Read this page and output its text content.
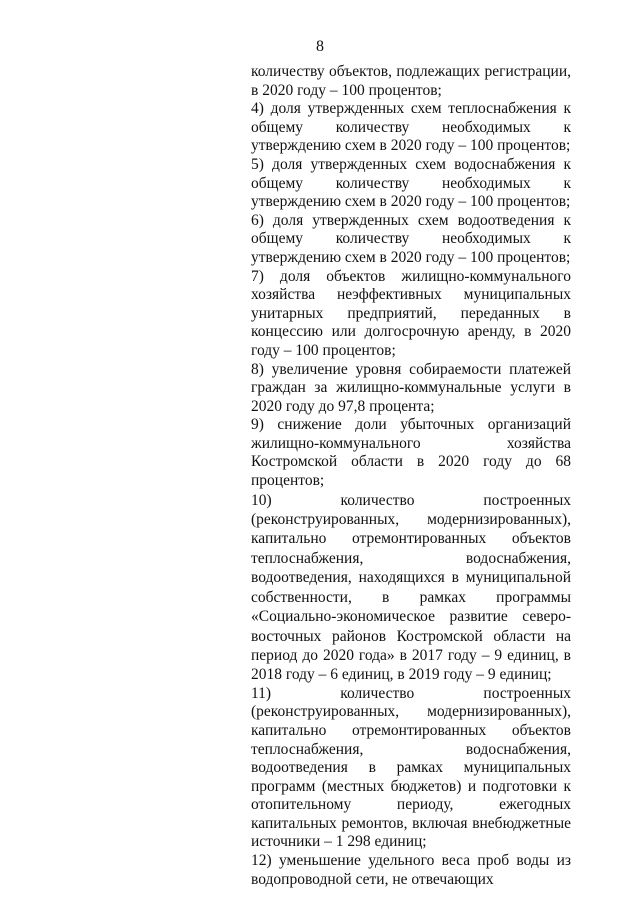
8

количеству объектов, подлежащих регистрации, в 2020 году – 100 процентов;

4) доля утвержденных схем теплоснабжения к общему количеству необходимых к утверждению схем в 2020 году – 100 процентов;

5) доля утвержденных схем водоснабжения к общему количеству необходимых к утверждению схем в 2020 году – 100 процентов;

6) доля утвержденных схем водоотведения к общему количеству необходимых к утверждению схем в 2020 году – 100 процентов;

7) доля объектов жилищно-коммунального хозяйства неэффективных муниципальных унитарных предприятий, переданных в концессию или долгосрочную аренду, в 2020 году – 100 процентов;

8) увеличение уровня собираемости платежей граждан за жилищно-коммунальные услуги в 2020 году до 97,8 процента;

9) снижение доли убыточных организаций жилищно-коммунального хозяйства Костромской области в 2020 году до 68 процентов;

10) количество построенных (реконструированных, модернизированных), капитально отремонтированных объектов теплоснабжения, водоснабжения, водоотведения, находящихся в муниципальной собственности, в рамках программы «Социально-экономическое развитие северо-восточных районов Костромской области на период до 2020 года» в 2017 году – 9 единиц, в 2018 году – 6 единиц, в 2019 году – 9 единиц;

11) количество построенных (реконструированных, модернизированных), капитально отремонтированных объектов теплоснабжения, водоснабжения, водоотведения в рамках муниципальных программ (местных бюджетов) и подготовки к отопительному периоду, ежегодных капитальных ремонтов, включая внебюджетные источники – 1 298 единиц;

12) уменьшение удельного веса проб воды из водопроводной сети, не отвечающих
